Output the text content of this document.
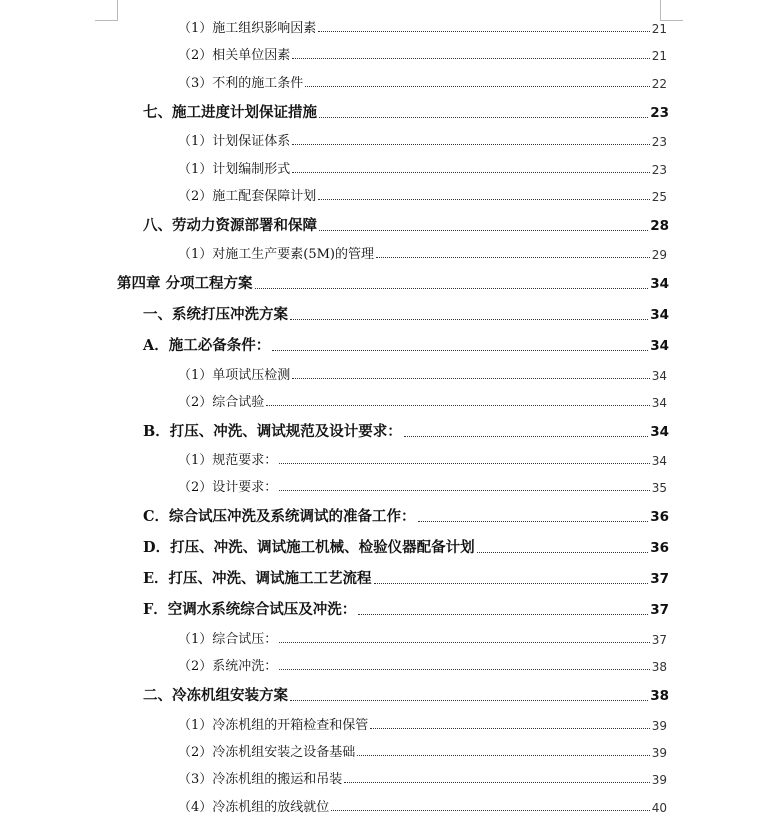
（1）施工组织影响因素	21
（2）相关单位因素	21
（3）不利的施工条件	22
七、施工进度计划保证措施	23
（1）计划保证体系	23
（1）计划编制形式	23
（2）施工配套保障计划	25
八、劳动力资源部署和保障	28
（1）对施工生产要素(5M)的管理	29
第四章 分项工程方案	34
一、系统打压冲洗方案	34
A．施工必备条件：	34
（1）单项试压检测	34
（2）综合试验	34
B．打压、冲洗、调试规范及设计要求：	34
（1）规范要求：	34
（2）设计要求：	35
C．综合试压冲洗及系统调试的准备工作：	36
D．打压、冲洗、调试施工机械、检验仪器配备计划	36
E．打压、冲洗、调试施工工艺流程	37
F．空调水系统综合试压及冲洗：	37
（1）综合试压：	37
（2）系统冲洗：	38
二、冷冻机组安装方案	38
（1）冷冻机组的开箱检查和保管	39
（2）冷冻机组安装之设备基础	39
（3）冷冻机组的搬运和吊装	39
（4）冷冻机组的放线就位	40
